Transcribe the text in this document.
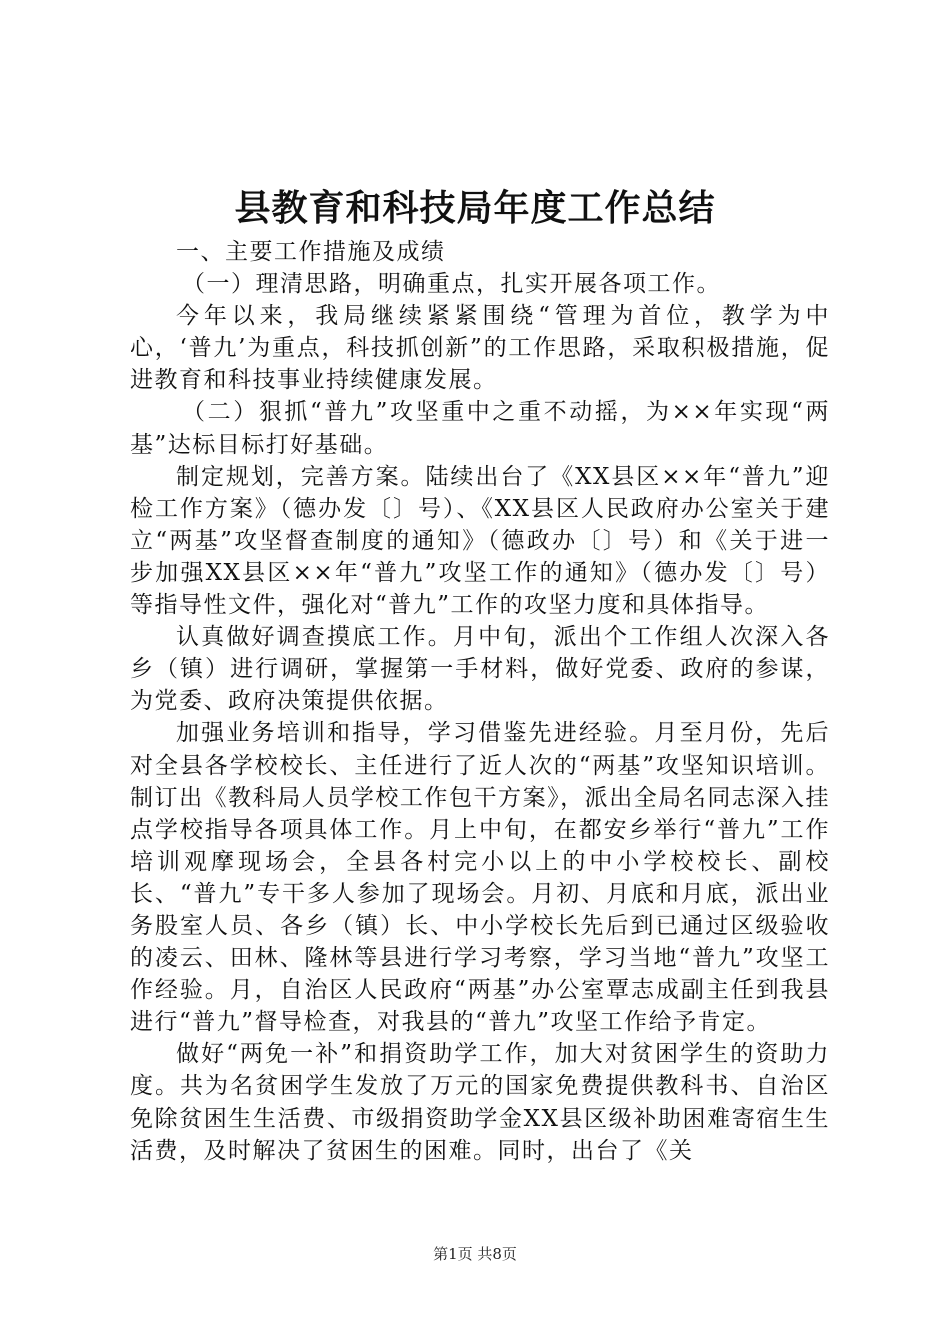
县教育和科技局年度工作总结

一、主要工作措施及成绩

（一）理清思路，明确重点，扎实开展各项工作。

今年以来，我局继续紧紧围绕“管理为首位，教学为中心，‘普九’为重点，科技抓创新”的工作思路，采取积极措施，促进教育和科技事业持续健康发展。

（二）狠抓“普九”攻坚重中之重不动摇，为××年实现“两基”达标目标打好基础。

制定规划，完善方案。陆续出台了《XX县区××年“普九”迎检工作方案》（德办发〔〕号）、《XX县区人民政府办公室关于建立“两基”攻坚督查制度的通知》（德政办〔〕号）和《关于进一步加强XX县区××年“普九”攻坚工作的通知》（德办发〔〕号）等指导性文件，强化对“普九”工作的攻坚力度和具体指导。

认真做好调查摸底工作。月中旬，派出个工作组人次深入各乡（镇）进行调研，掌握第一手材料，做好党委、政府的参谋，为党委、政府决策提供依据。

加强业务培训和指导，学习借鉴先进经验。月至月份，先后对全县各学校校长、主任进行了近人次的“两基”攻坚知识培训。制订出《教科局人员学校工作包干方案》，派出全局名同志深入挂点学校指导各项具体工作。月上中旬，在都安乡举行“普九”工作培训观摩现场会，全县各村完小以上的中小学校校长、副校长、“普九”专干多人参加了现场会。月初、月底和月底，派出业务股室人员、各乡（镇）长、中小学校长先后到已通过区级验收的凌云、田林、隆林等县进行学习考察，学习当地“普九”攻坚工作经验。月，自治区人民政府“两基”办公室覃志成副主任到我县进行“普九”督导检查，对我县的“普九”攻坚工作给予肯定。

做好“两免一补”和捐资助学工作，加大对贫困学生的资助力度。共为名贫困学生发放了万元的国家免费提供教科书、自治区免除贫困生生活费、市级捐资助学金XX县区级补助困难寄宿生生活费，及时解决了贫困生的困难。同时，出台了《关

第1页 共8页
